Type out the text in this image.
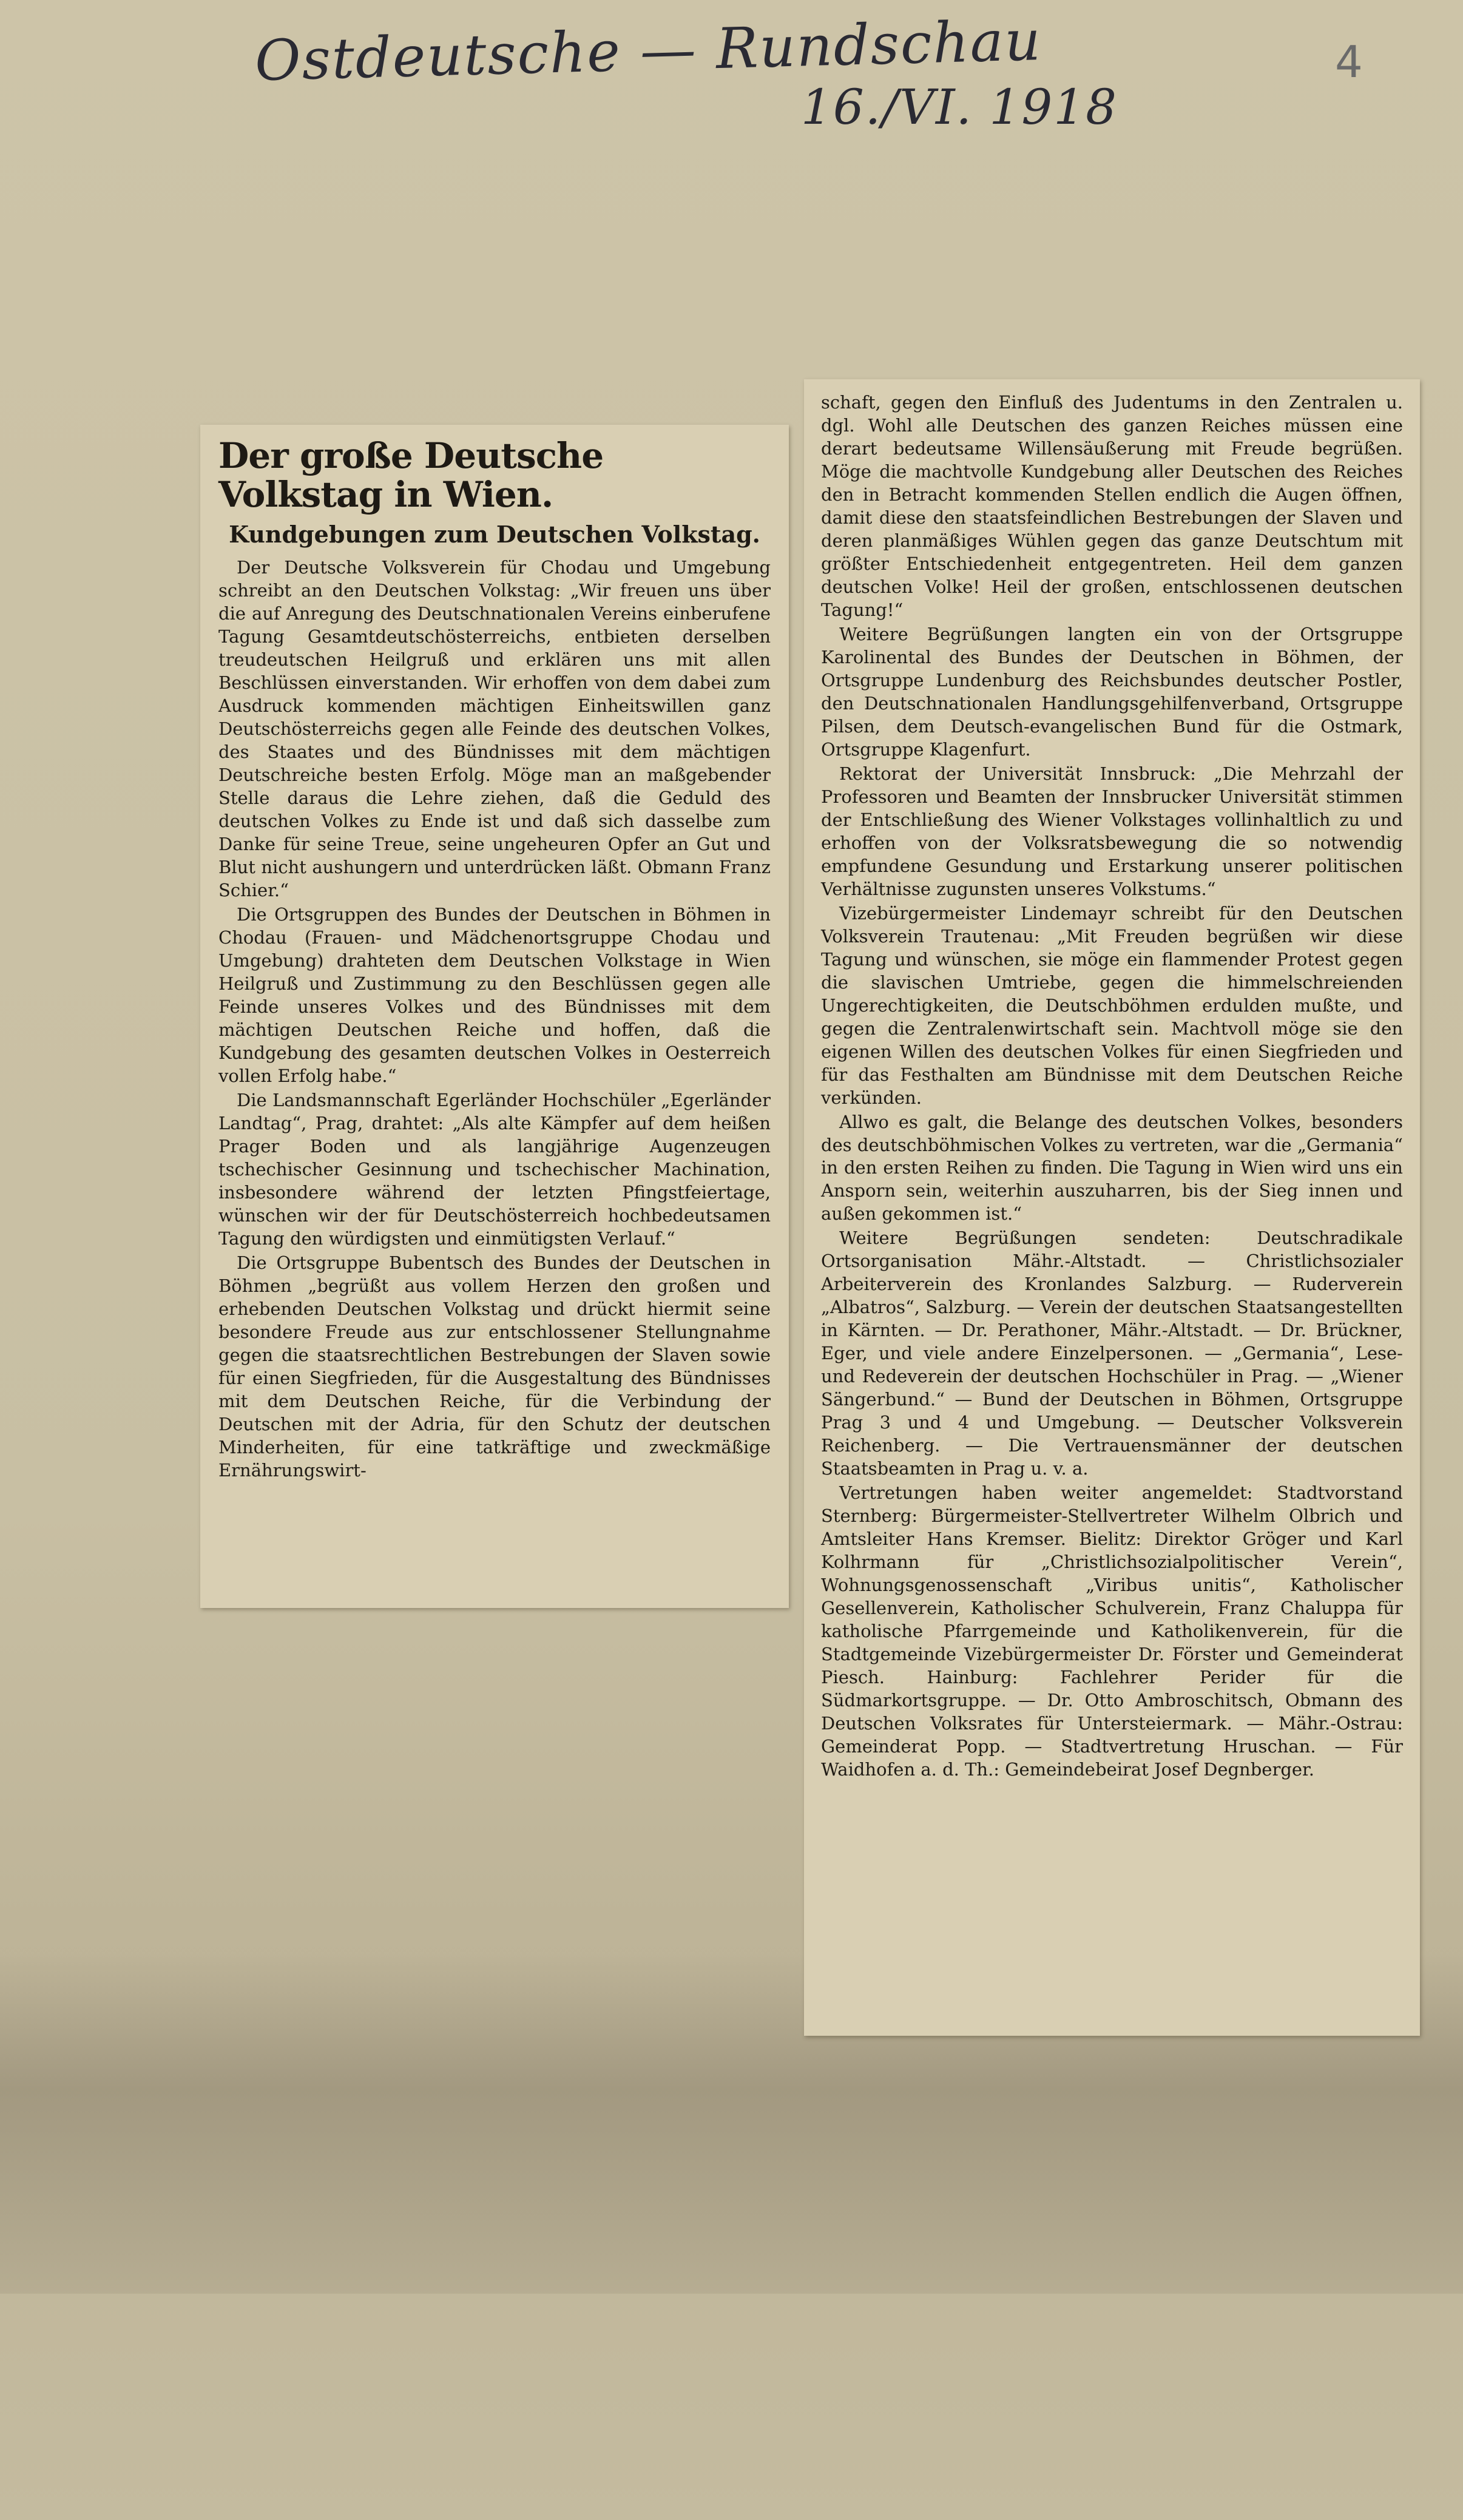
Ostdeutsche — Rundschau
16./VI. 1918
4
Der große Deutsche Volkstag in Wien.
Kundgebungen zum Deutschen Volkstag.

Der Deutsche Volksverein für Chodau und Umgebung schreibt an den Deutschen Volkstag: „Wir freuen uns über die auf Anregung des Deutschnationalen Vereins einberufene Tagung Gesamtdeutschösterreichs, entbieten derselben treudeutschen Heilgruß und erklären uns mit allen Beschlüssen einverstanden. Wir erhoffen von dem dabei zum Ausdruck kommenden mächtigen Einheitswillen ganz Deutschösterreichs gegen alle Feinde des deutschen Volkes, des Staates und des Bündnisses mit dem mächtigen Deutschreiche besten Erfolg. Möge man an maßgebender Stelle daraus die Lehre ziehen, daß die Geduld des deutschen Volkes zu Ende ist und daß sich dasselbe zum Danke für seine Treue, seine ungeheuren Opfer an Gut und Blut nicht aushungern und unterdrücken läßt. Obmann Franz Schier.“

Die Ortsgruppen des Bundes der Deutschen in Böhmen in Chodau (Frauen- und Mädchenortsgruppe Chodau und Umgebung) drahteten dem Deutschen Volkstage in Wien Heilgruß und Zustimmung zu den Beschlüssen gegen alle Feinde unseres Volkes und des Bündnisses mit dem mächtigen Deutschen Reiche und hoffen, daß die Kundgebung des gesamten deutschen Volkes in Oesterreich vollen Erfolg habe.“

Die Landsmannschaft Egerländer Hochschüler „Egerländer Landtag“, Prag, drahtet: „Als alte Kämpfer auf dem heißen Prager Boden und als langjährige Augenzeugen tschechischer Gesinnung und tschechischer Machination, insbesondere während der letzten Pfingstfeiertage, wünschen wir der für Deutschösterreich hochbedeutsamen Tagung den würdigsten und einmütigsten Verlauf.“

Die Ortsgruppe Bubentsch des Bundes der Deutschen in Böhmen „begrüßt aus vollem Herzen den großen und erhebenden Deutschen Volkstag und drückt hiermit seine besondere Freude aus zur entschlossener Stellungnahme gegen die staatsrechtlichen Bestrebungen der Slaven sowie für einen Siegfrieden, für die Ausgestaltung des Bündnisses mit dem Deutschen Reiche, für die Verbindung der Deutschen mit der Adria, für den Schutz der deutschen Minderheiten, für eine tatkräftige und zweckmäßige Ernährungswirt-

schaft, gegen den Einfluß des Judentums in den Zentralen u. dgl. Wohl alle Deutschen des ganzen Reiches müssen eine derart bedeutsame Willensäußerung mit Freude begrüßen. Möge die machtvolle Kundgebung aller Deutschen des Reiches den in Betracht kommenden Stellen endlich die Augen öffnen, damit diese den staatsfeindlichen Bestrebungen der Slaven und deren planmäßiges Wühlen gegen das ganze Deutschtum mit größter Entschiedenheit entgegentreten. Heil dem ganzen deutschen Volke! Heil der großen, entschlossenen deutschen Tagung!“

Weitere Begrüßungen langten ein von der Ortsgruppe Karolinental des Bundes der Deutschen in Böhmen, der Ortsgruppe Lundenburg des Reichsbundes deutscher Postler, den Deutschnationalen Handlungsgehilfenverband, Ortsgruppe Pilsen, dem Deutsch-evangelischen Bund für die Ostmark, Ortsgruppe Klagenfurt.

Rektorat der Universität Innsbruck: „Die Mehrzahl der Professoren und Beamten der Innsbrucker Universität stimmen der Entschließung des Wiener Volkstages vollinhaltlich zu und erhoffen von der Volksratsbewegung die so notwendig empfundene Gesundung und Erstarkung unserer politischen Verhältnisse zugunsten unseres Volkstums.“

Vizebürgermeister Lindemayr schreibt für den Deutschen Volksverein Trautenau: „Mit Freuden begrüßen wir diese Tagung und wünschen, sie möge ein flammender Protest gegen die slavischen Umtriebe, gegen die himmelschreienden Ungerechtigkeiten, die Deutschböhmen erdulden mußte, und gegen die Zentralenwirtschaft sein. Machtvoll möge sie den eigenen Willen des deutschen Volkes für einen Siegfrieden und für das Festhalten am Bündnisse mit dem Deutschen Reiche verkünden.

Allwo es galt, die Belange des deutschen Volkes, besonders des deutschböhmischen Volkes zu vertreten, war die „Germania“ in den ersten Reihen zu finden. Die Tagung in Wien wird uns ein Ansporn sein, weiterhin auszuharren, bis der Sieg innen und außen gekommen ist.“

Weitere Begrüßungen sendeten: Deutschradikale Ortsorganisation Mähr.-Altstadt. — Christlichsozialer Arbeiterverein des Kronlandes Salzburg. — Ruderverein „Albatros“, Salzburg. — Verein der deutschen Staatsangestellten in Kärnten. — Dr. Perathoner, Mähr.-Altstadt. — Dr. Brückner, Eger, und viele andere Einzelpersonen. — „Germania“, Lese- und Redeverein der deutschen Hochschüler in Prag. — „Wiener Sängerbund.“ — Bund der Deutschen in Böhmen, Ortsgruppe Prag 3 und 4 und Umgebung. — Deutscher Volksverein Reichenberg. — Die Vertrauensmänner der deutschen Staatsbeamten in Prag u. v. a.

Vertretungen haben weiter angemeldet: Stadtvorstand Sternberg: Bürgermeister-Stellvertreter Wilhelm Olbrich und Amtsleiter Hans Kremser. Bielitz: Direktor Gröger und Karl Kolhrmann für „Christlichsozialpolitischer Verein“, Wohnungsgenossenschaft „Viribus unitis“, Katholischer Gesellenverein, Katholischer Schulverein, Franz Chaluppa für katholische Pfarrgemeinde und Katholikenverein, für die Stadtgemeinde Vizebürgermeister Dr. Förster und Gemeinderat Piesch. Hainburg: Fachlehrer Perider für die Südmarkortsgruppe. — Dr. Otto Ambroschitsch, Obmann des Deutschen Volksrates für Untersteiermark. — Mähr.-Ostrau: Gemeinderat Popp. — Stadtvertretung Hruschan. — Für Waidhofen a. d. Th.: Gemeindebeirat Josef Degnberger.
